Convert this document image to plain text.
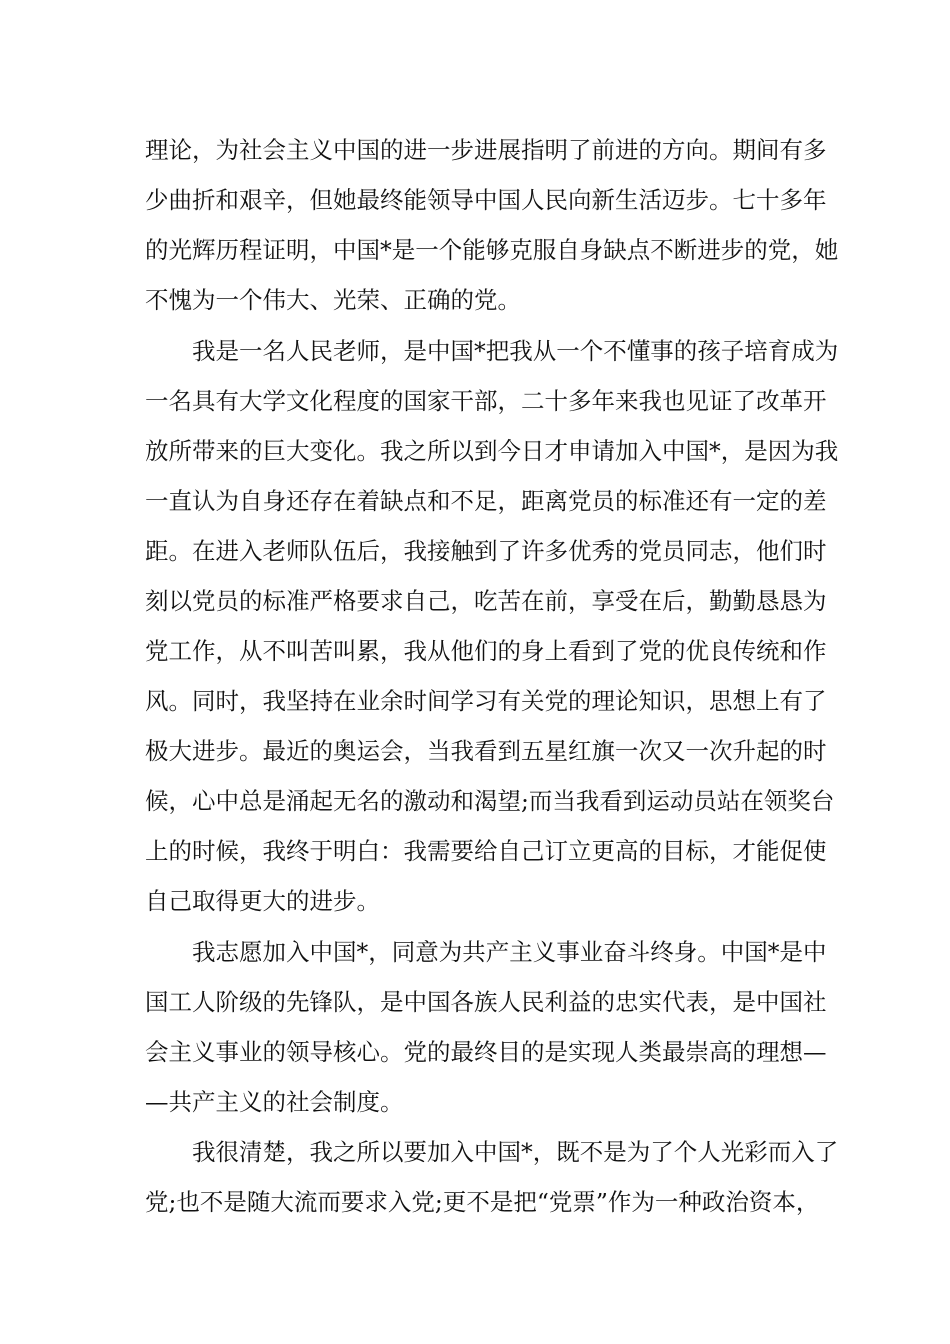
理论，为社会主义中国的进一步进展指明了前进的方向。期间有多
少曲折和艰辛，但她最终能领导中国人民向新生活迈步。七十多年
的光辉历程证明，中国*是一个能够克服自身缺点不断进步的党，她
不愧为一个伟大、光荣、正确的党。
我是一名人民老师，是中国*把我从一个不懂事的孩子培育成为
一名具有大学文化程度的国家干部，二十多年来我也见证了改革开
放所带来的巨大变化。我之所以到今日才申请加入中国*，是因为我
一直认为自身还存在着缺点和不足，距离党员的标准还有一定的差
距。在进入老师队伍后，我接触到了许多优秀的党员同志，他们时
刻以党员的标准严格要求自己，吃苦在前，享受在后，勤勤恳恳为
党工作，从不叫苦叫累，我从他们的身上看到了党的优良传统和作
风。同时，我坚持在业余时间学习有关党的理论知识，思想上有了
极大进步。最近的奥运会，当我看到五星红旗一次又一次升起的时
候，心中总是涌起无名的激动和渴望;而当我看到运动员站在领奖台
上的时候，我终于明白：我需要给自己订立更高的目标，才能促使
自己取得更大的进步。
我志愿加入中国*，同意为共产主义事业奋斗终身。中国*是中
国工人阶级的先锋队，是中国各族人民利益的忠实代表，是中国社
会主义事业的领导核心。党的最终目的是实现人类最崇高的理想—
—共产主义的社会制度。
我很清楚，我之所以要加入中国*，既不是为了个人光彩而入了
党;也不是随大流而要求入党;更不是把“党票”作为一种政治资本，
